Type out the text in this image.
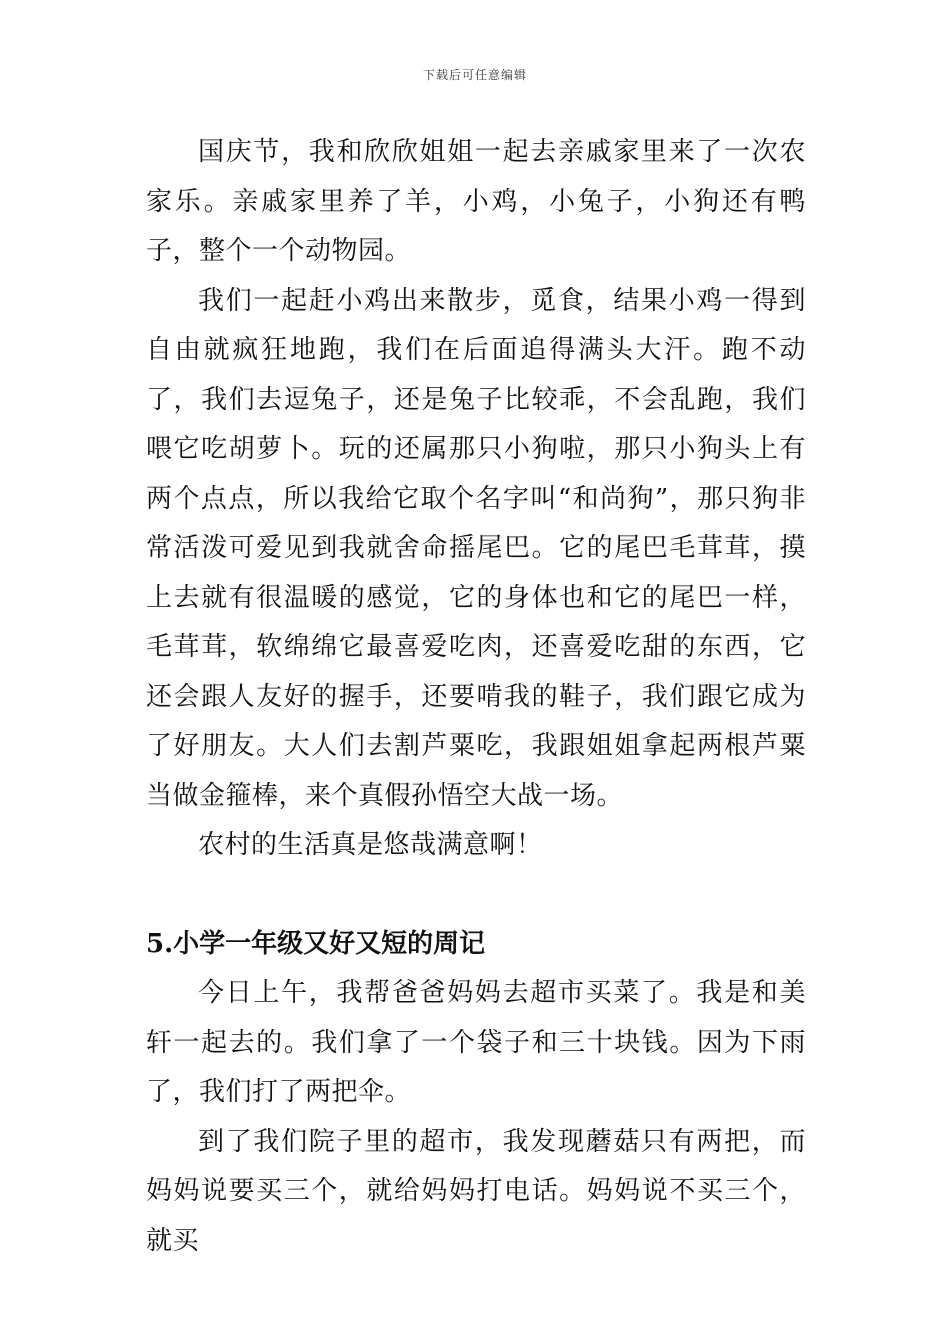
下载后可任意编辑

国庆节，我和欣欣姐姐一起去亲戚家里来了一次农家乐。亲戚家里养了羊，小鸡，小兔子，小狗还有鸭子，整个一个动物园。

我们一起赶小鸡出来散步，觅食，结果小鸡一得到自由就疯狂地跑，我们在后面追得满头大汗。跑不动了，我们去逗兔子，还是兔子比较乖，不会乱跑，我们喂它吃胡萝卜。玩的还属那只小狗啦，那只小狗头上有两个点点，所以我给它取个名字叫“和尚狗”，那只狗非常活泼可爱见到我就舍命摇尾巴。它的尾巴毛茸茸，摸上去就有很温暖的感觉，它的身体也和它的尾巴一样，毛茸茸，软绵绵它最喜爱吃肉，还喜爱吃甜的东西，它还会跟人友好的握手，还要啃我的鞋子，我们跟它成为了好朋友。大人们去割芦粟吃，我跟姐姐拿起两根芦粟当做金箍棒，来个真假孙悟空大战一场。

农村的生活真是悠哉满意啊！

5.小学一年级又好又短的周记

今日上午，我帮爸爸妈妈去超市买菜了。我是和美轩一起去的。我们拿了一个袋子和三十块钱。因为下雨了，我们打了两把伞。

到了我们院子里的超市，我发现蘑菇只有两把，而妈妈说要买三个，就给妈妈打电话。妈妈说不买三个，就买
